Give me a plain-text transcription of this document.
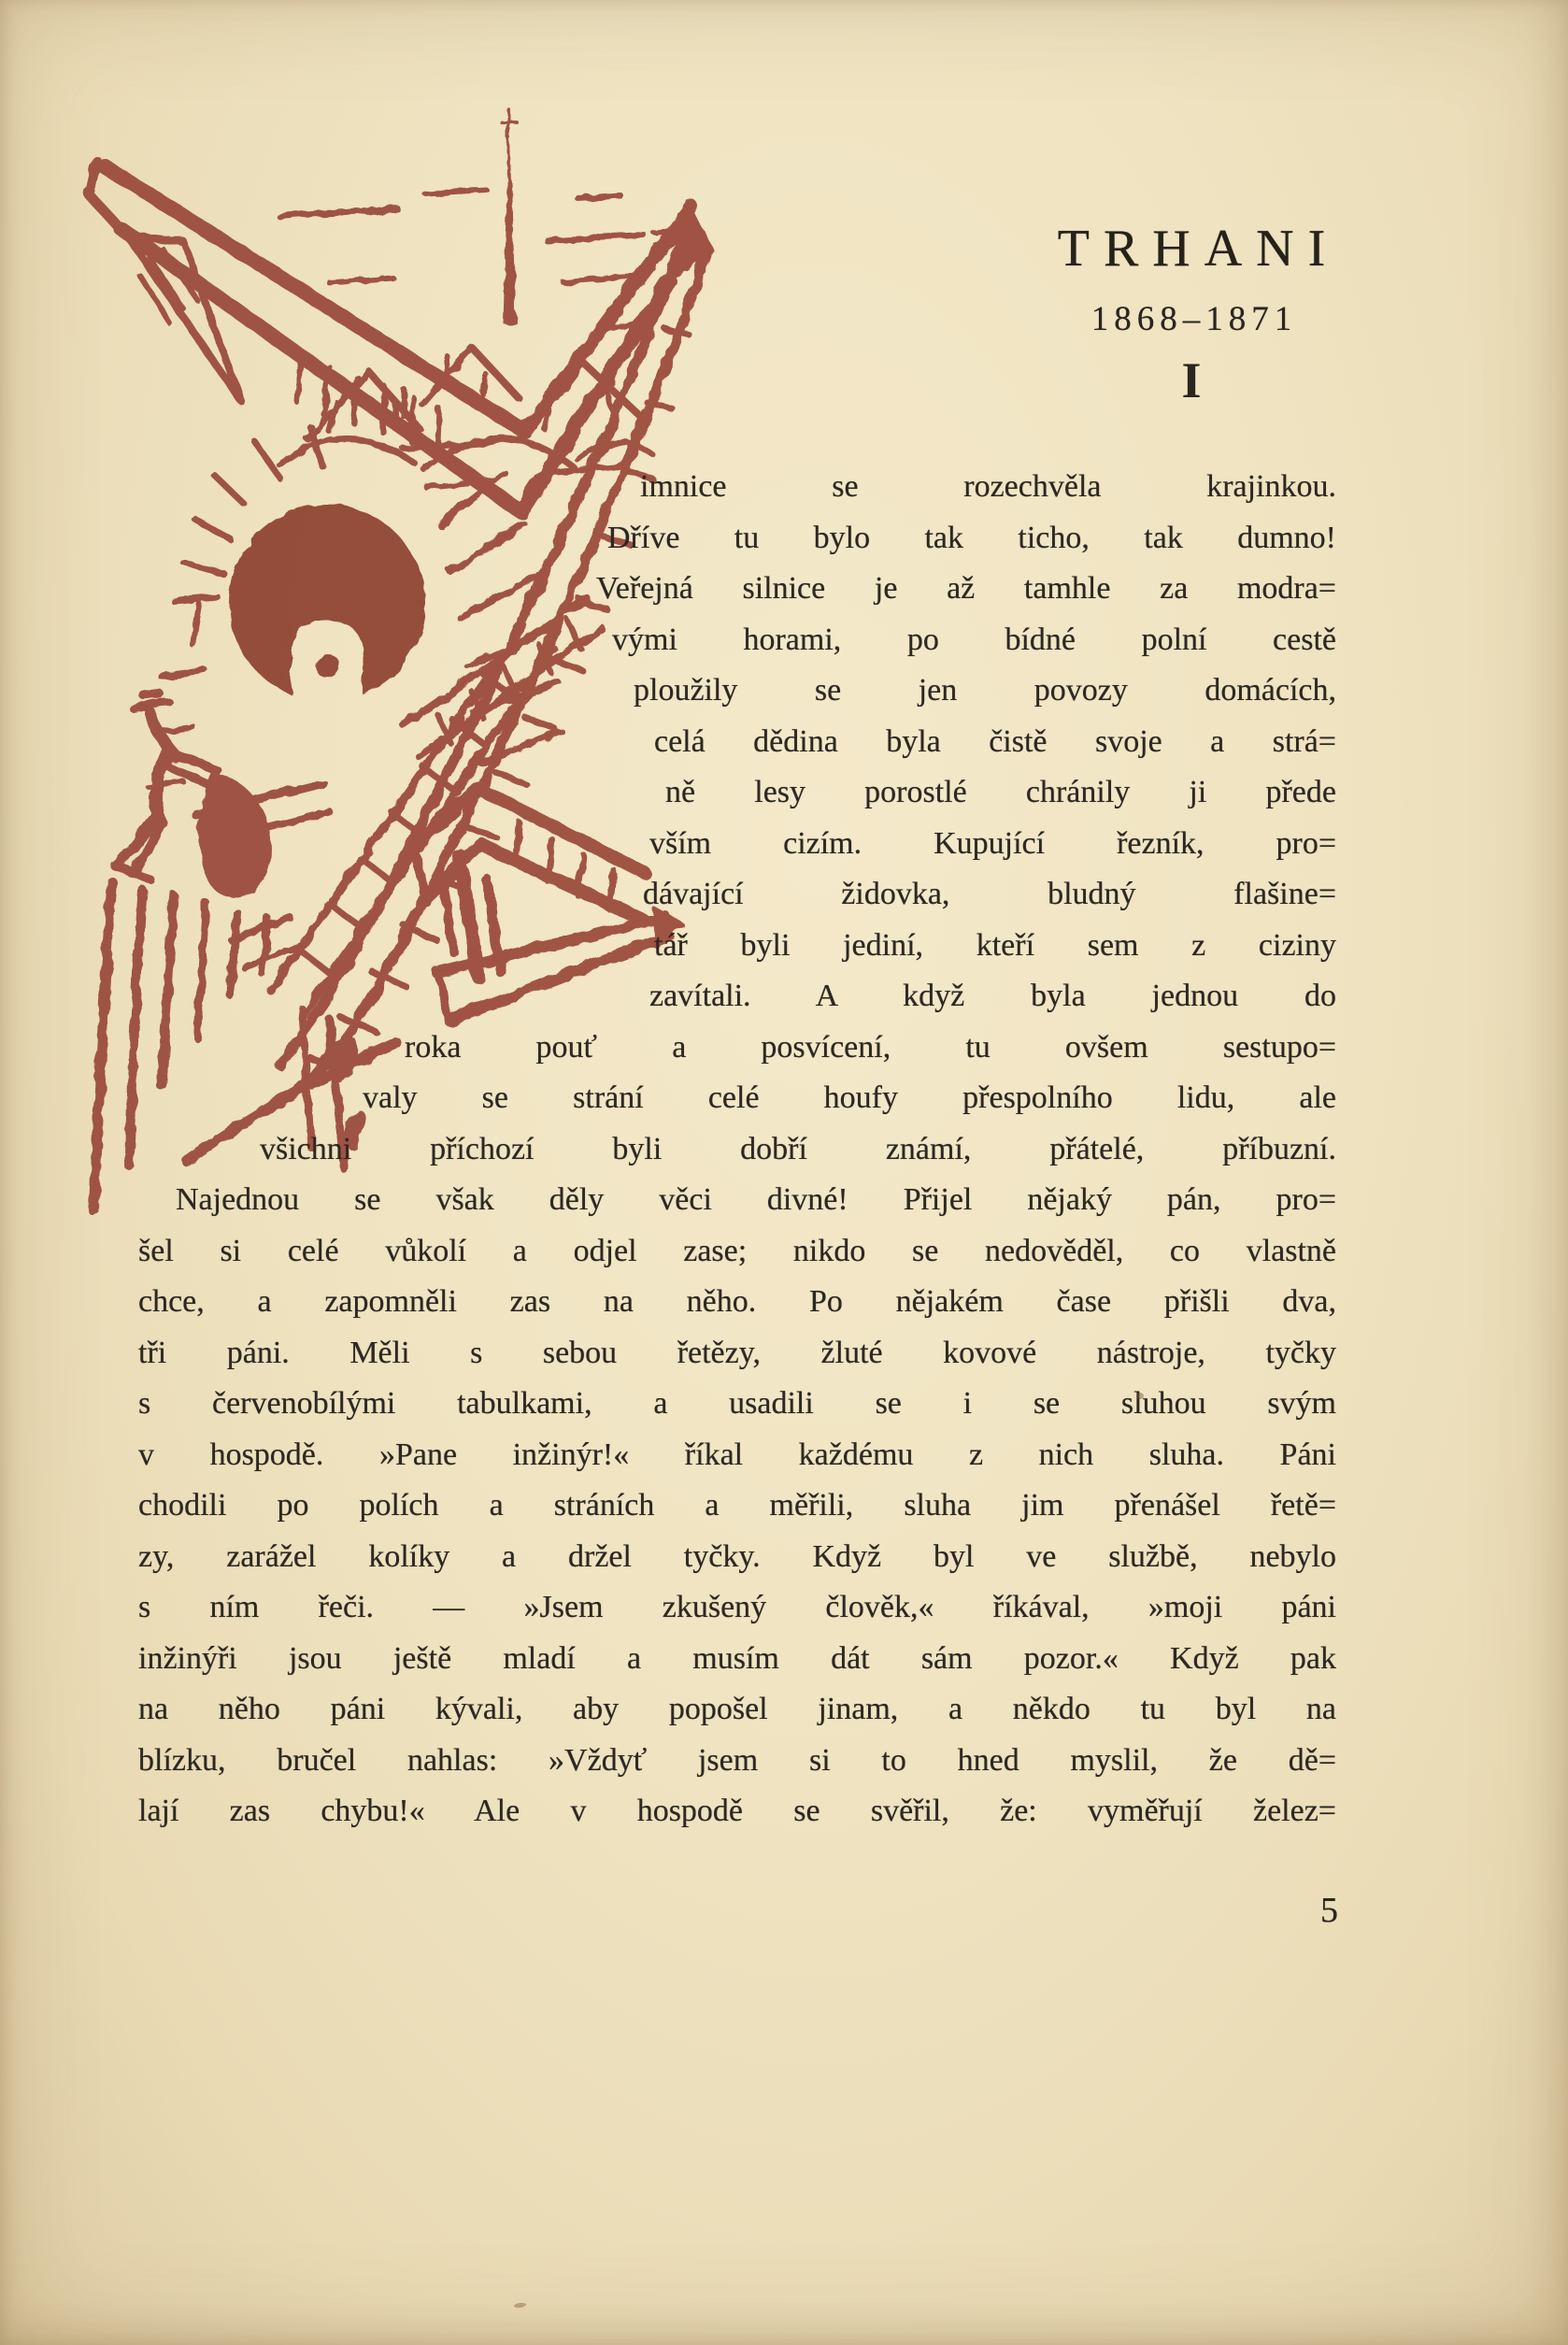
TRHANI
1868–1871
I
imnice se rozechvěla krajinkou.
Dříve tu bylo tak ticho, tak dumno!
Veřejná silnice je až tamhle za modra=
vými horami, po bídné polní cestě
ploužily se jen povozy domácích,
celá dědina byla čistě svoje a strá=
ně lesy porostlé chránily ji přede
vším cizím. Kupující řezník, pro=
dávající židovka, bludný flašine=
tář byli jediní, kteří sem z ciziny
zavítali. A když byla jednou do
roka pouť a posvícení, tu ovšem sestupo=
valy se strání celé houfy přespolního lidu, ale
všichni příchozí byli dobří známí, přátelé, příbuzní.
Najednou se však děly věci divné! Přijel nějaký pán, pro=
šel si celé vůkolí a odjel zase; nikdo se nedověděl, co vlastně
chce, a zapomněli zas na něho. Po nějakém čase přišli dva,
tři páni. Měli s sebou řetězy, žluté kovové nástroje, tyčky
s červenobílými tabulkami, a usadili se i se sluhou svým
v hospodě. »Pane inžinýr!« říkal každému z nich sluha. Páni
chodili po polích a stráních a měřili, sluha jim přenášel řetě=
zy, zarážel kolíky a držel tyčky. Když byl ve službě, nebylo
s ním řeči. — »Jsem zkušený člověk,« říkával, »moji páni
inžinýři jsou ještě mladí a musím dát sám pozor.« Když pak
na něho páni kývali, aby popošel jinam, a někdo tu byl na
blízku, bručel nahlas: »Vždyť jsem si to hned myslil, že dě=
lají zas chybu!« Ale v hospodě se svěřil, že: vyměřují želez=
5
